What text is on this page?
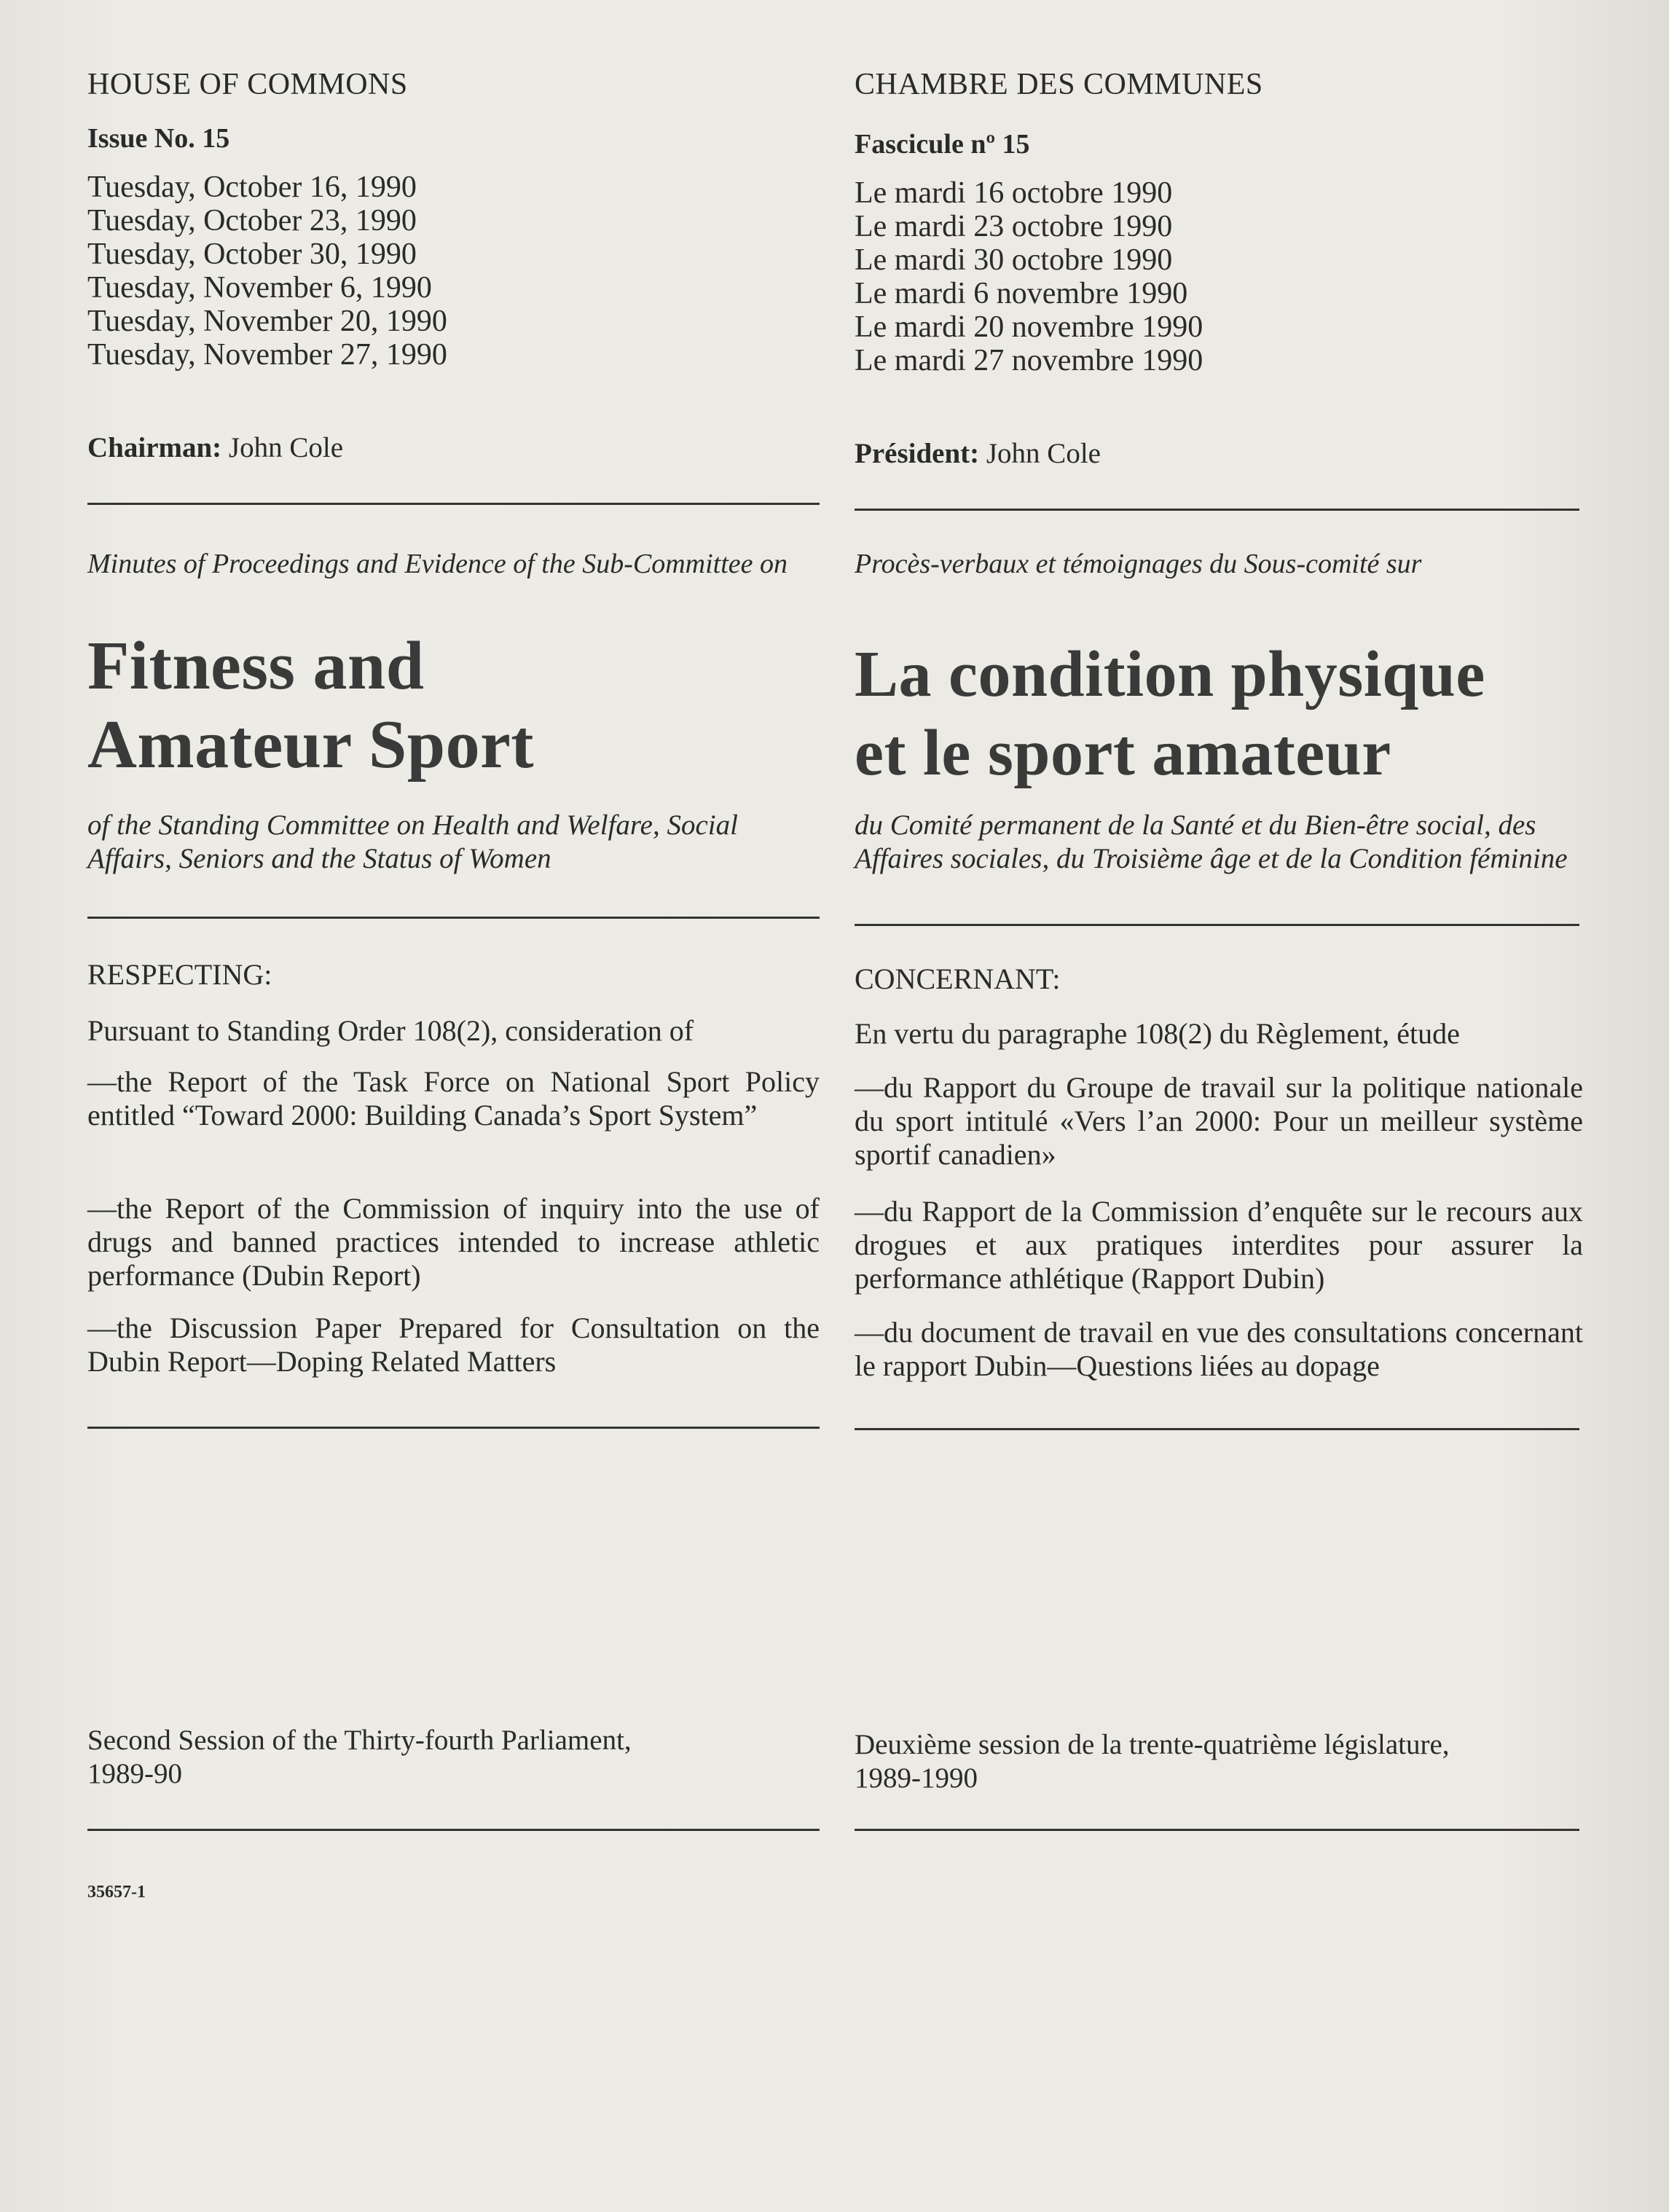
HOUSE OF COMMONS
Issue No. 15
Tuesday, October 16, 1990
Tuesday, October 23, 1990
Tuesday, October 30, 1990
Tuesday, November 6, 1990
Tuesday, November 20, 1990
Tuesday, November 27, 1990
Chairman: John Cole
Minutes of Proceedings and Evidence of the Sub-Committee on
Fitness and
Amateur Sport
of the Standing Committee on Health and Welfare, Social Affairs, Seniors and the Status of Women
RESPECTING:
Pursuant to Standing Order 108(2), consideration of
—the Report of the Task Force on National Sport Policy entitled “Toward 2000: Building Canada’s Sport System”
—the Report of the Commission of inquiry into the use of drugs and banned practices intended to increase athletic performance (Dubin Report)
—the Discussion Paper Prepared for Consultation on the Dubin Report—Doping Related Matters
Second Session of the Thirty-fourth Parliament,
1989-90
35657-1
CHAMBRE DES COMMUNES
Fascicule nº 15
Le mardi 16 octobre 1990
Le mardi 23 octobre 1990
Le mardi 30 octobre 1990
Le mardi 6 novembre 1990
Le mardi 20 novembre 1990
Le mardi 27 novembre 1990
Président: John Cole
Procès-verbaux et témoignages du Sous-comité sur
La condition physique
et le sport amateur
du Comité permanent de la Santé et du Bien-être social, des Affaires sociales, du Troisième âge et de la Condition féminine
CONCERNANT:
En vertu du paragraphe 108(2) du Règlement, étude
—du Rapport du Groupe de travail sur la politique nationale du sport intitulé «Vers l’an 2000: Pour un meilleur système sportif canadien»
—du Rapport de la Commission d’enquête sur le recours aux drogues et aux pratiques interdites pour assurer la performance athlétique (Rapport Dubin)
—du document de travail en vue des consultations concernant le rapport Dubin—Questions liées au dopage
Deuxième session de la trente-quatrième législature,
1989-1990
